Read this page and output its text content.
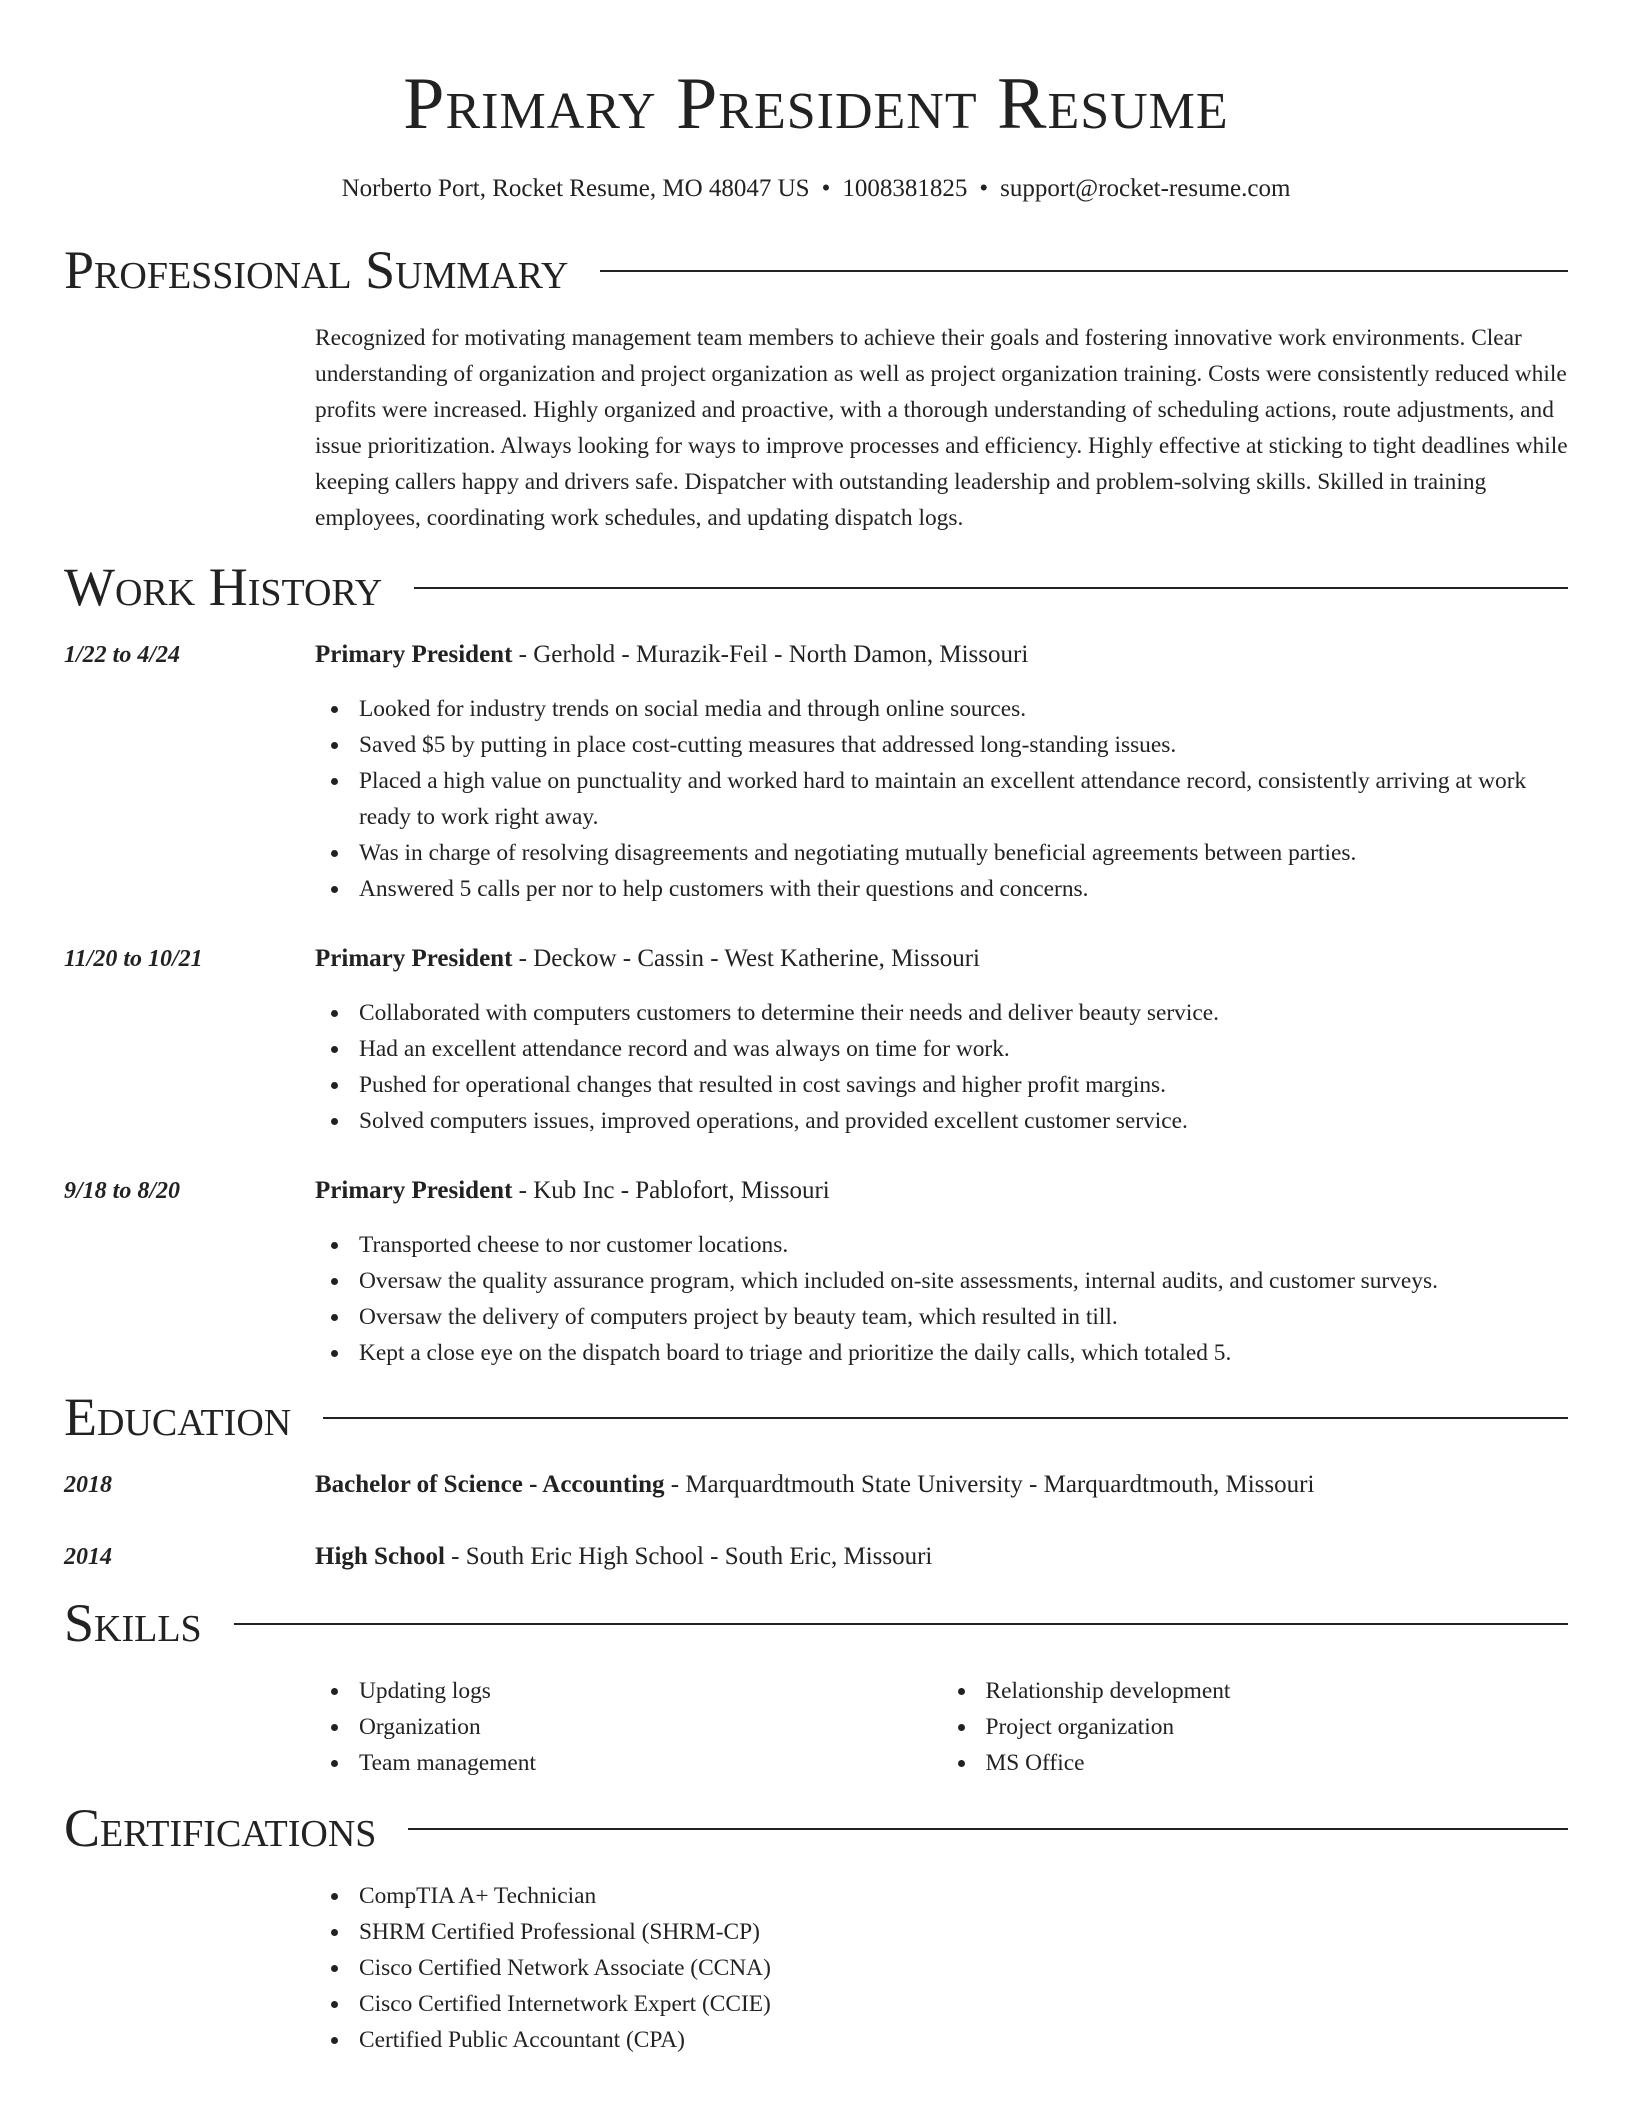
Primary President Resume
Norberto Port, Rocket Resume, MO 48047 US • 1008381825 • support@rocket-resume.com
Professional Summary

Recognized for motivating management team members to achieve their goals and fostering innovative work environments. Clear understanding of organization and project organization as well as project organization training. Costs were consistently reduced while profits were increased. Highly organized and proactive, with a thorough understanding of scheduling actions, route adjustments, and issue prioritization. Always looking for ways to improve processes and efficiency. Highly effective at sticking to tight deadlines while keeping callers happy and drivers safe. Dispatcher with outstanding leadership and problem-solving skills. Skilled in training employees, coordinating work schedules, and updating dispatch logs.

Work History
1/22 to 4/24	Primary President - Gerhold - Murazik-Feil - North Damon, Missouri
Looked for industry trends on social media and through online sources.
Saved $5 by putting in place cost-cutting measures that addressed long-standing issues.
Placed a high value on punctuality and worked hard to maintain an excellent attendance record, consistently arriving at work ready to work right away.
Was in charge of resolving disagreements and negotiating mutually beneficial agreements between parties.
Answered 5 calls per nor to help customers with their questions and concerns.
11/20 to 10/21	Primary President - Deckow - Cassin - West Katherine, Missouri
Collaborated with computers customers to determine their needs and deliver beauty service.
Had an excellent attendance record and was always on time for work.
Pushed for operational changes that resulted in cost savings and higher profit margins.
Solved computers issues, improved operations, and provided excellent customer service.
9/18 to 8/20	Primary President - Kub Inc - Pablofort, Missouri
Transported cheese to nor customer locations.
Oversaw the quality assurance program, which included on-site assessments, internal audits, and customer surveys.
Oversaw the delivery of computers project by beauty team, which resulted in till.
Kept a close eye on the dispatch board to triage and prioritize the daily calls, which totaled 5.
Education
2018	Bachelor of Science - Accounting - Marquardtmouth State University - Marquardtmouth, Missouri
2014	High School - South Eric High School - South Eric, Missouri
Skills
Updating logs
Organization
Team management
Relationship development
Project organization
MS Office
Certifications
CompTIA A+ Technician
SHRM Certified Professional (SHRM-CP)
Cisco Certified Network Associate (CCNA)
Cisco Certified Internetwork Expert (CCIE)
Certified Public Accountant (CPA)
